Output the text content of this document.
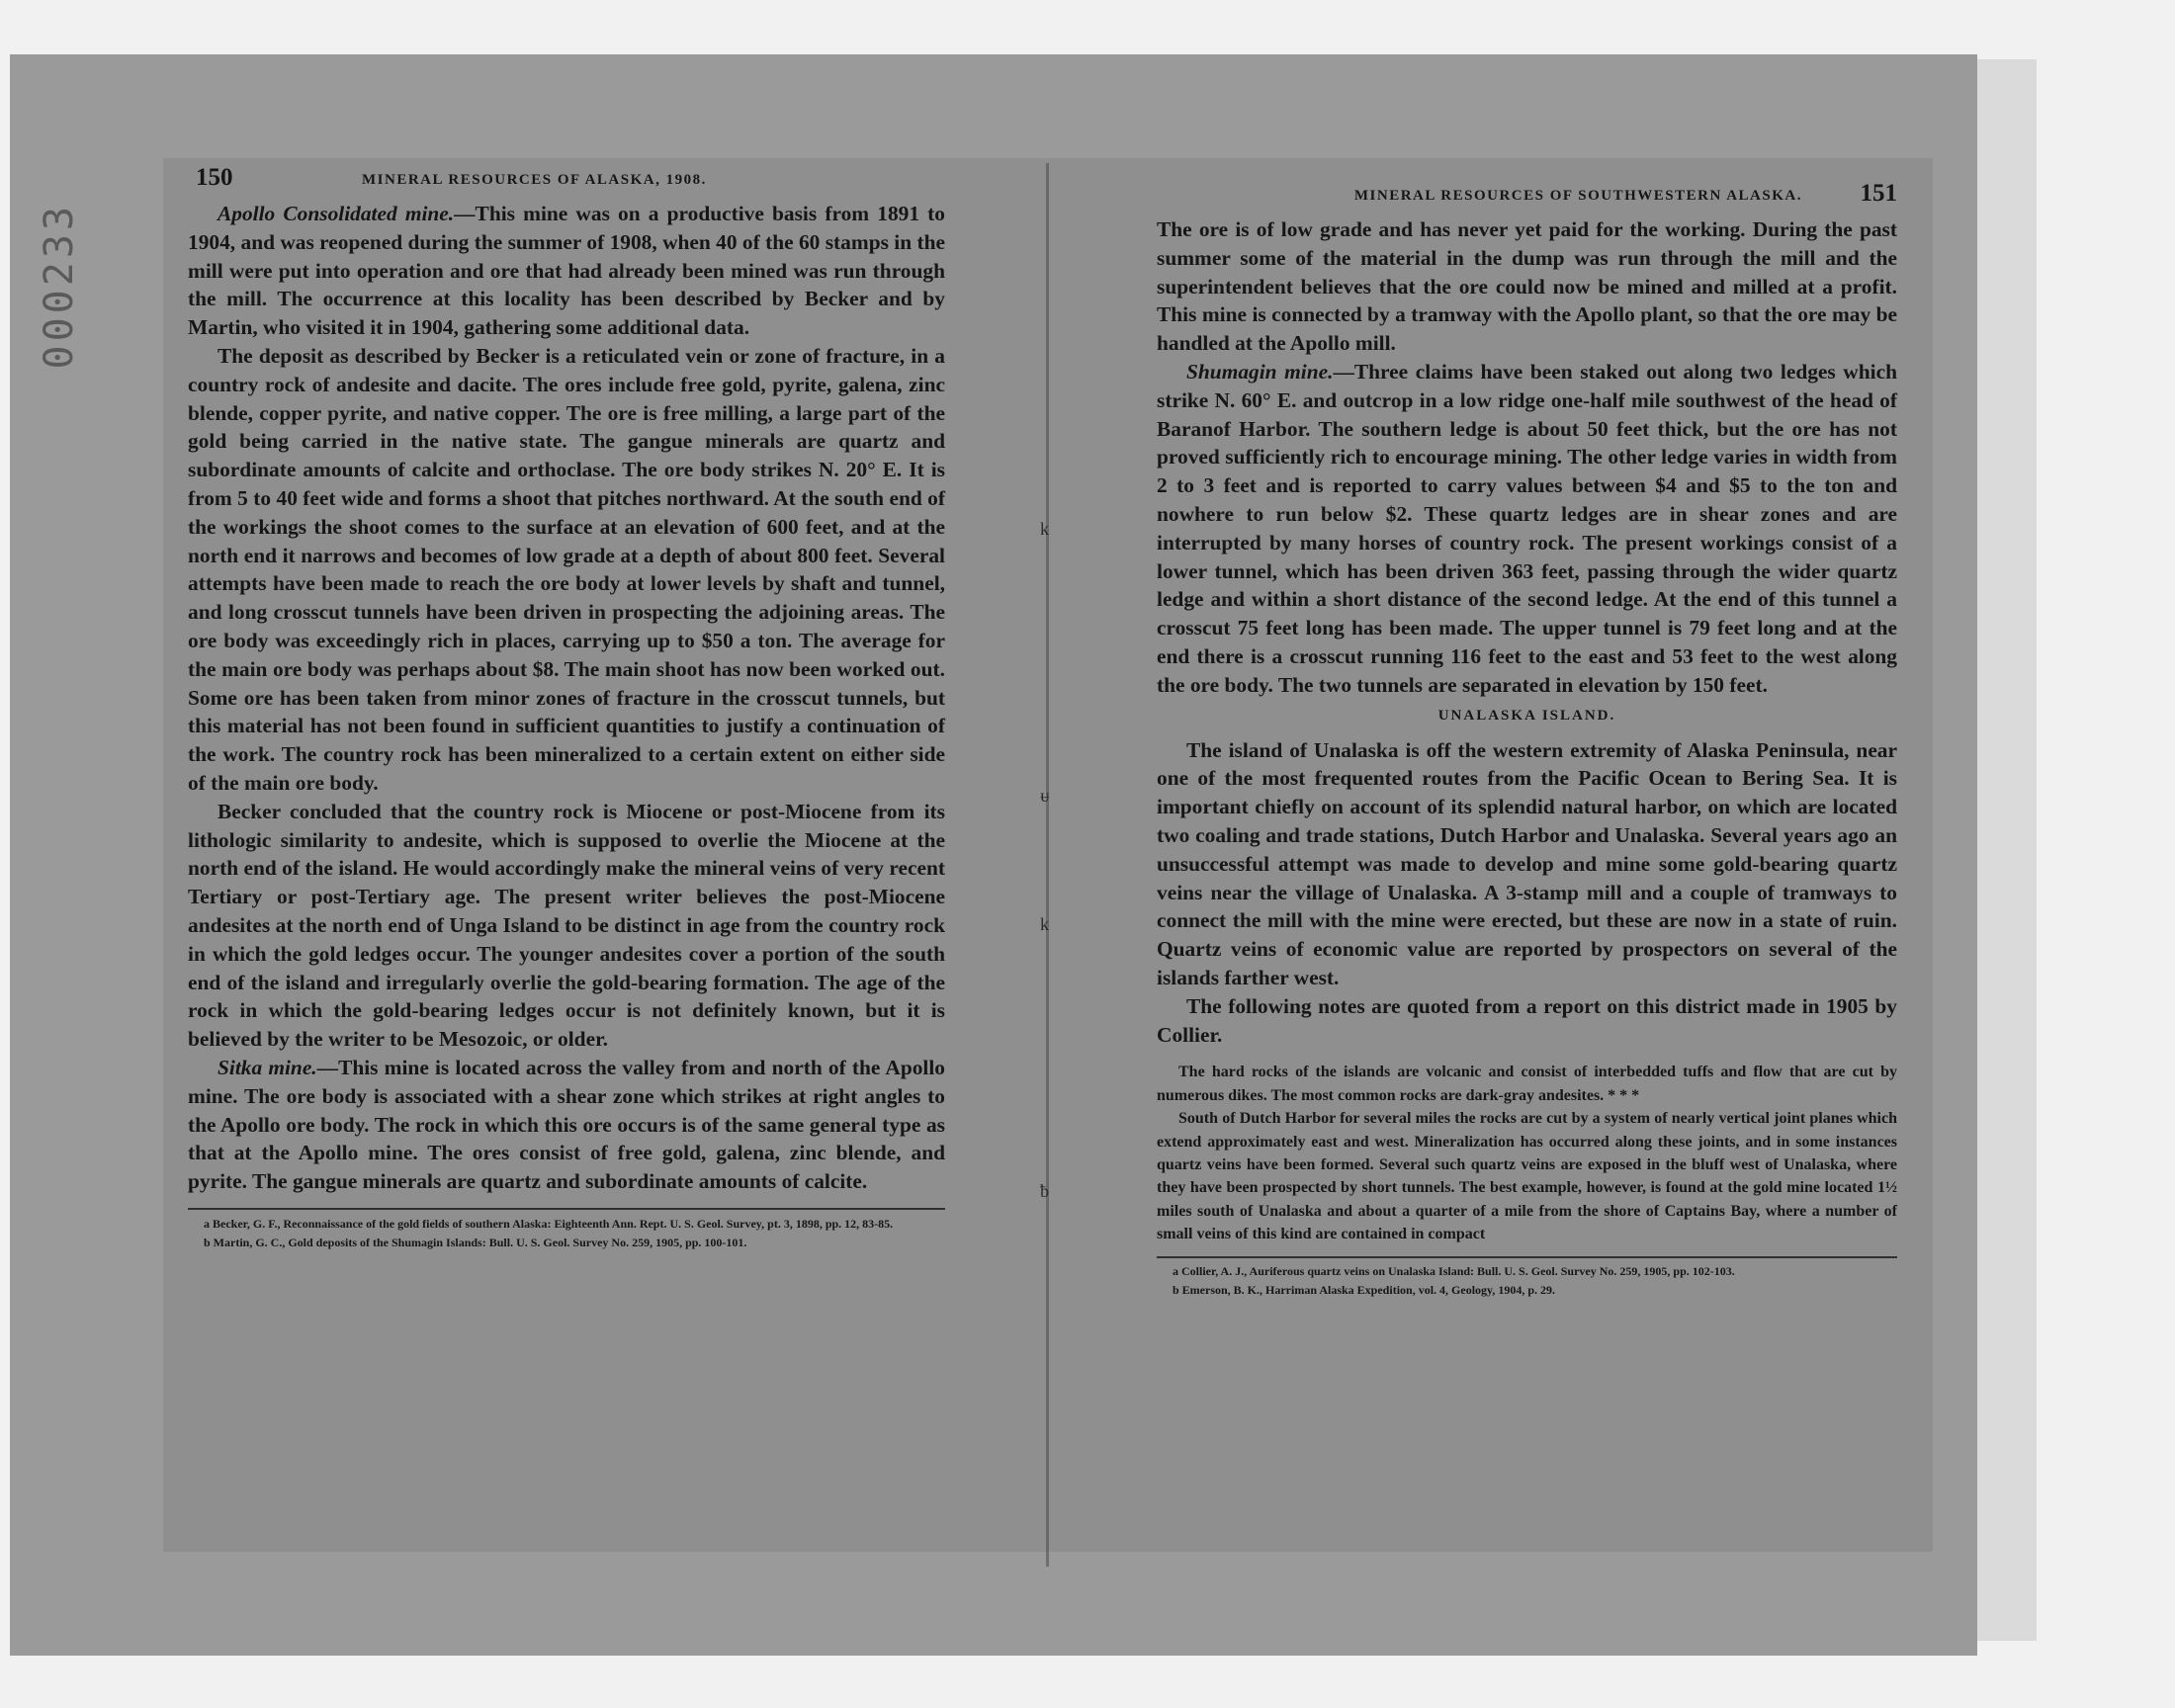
000233
k
ᵾ
k
ƀ
150	MINERAL RESOURCES OF ALASKA, 1908.

Apollo Consolidated mine.—This mine was on a productive basis from 1891 to 1904, and was reopened during the summer of 1908, when 40 of the 60 stamps in the mill were put into operation and ore that had already been mined was run through the mill. The occurrence at this locality has been described by Becker and by Martin, who visited it in 1904, gathering some additional data.

The deposit as described by Becker is a reticulated vein or zone of fracture, in a country rock of andesite and dacite. The ores include free gold, pyrite, galena, zinc blende, copper pyrite, and native copper. The ore is free milling, a large part of the gold being carried in the native state. The gangue minerals are quartz and subordinate amounts of calcite and orthoclase. The ore body strikes N. 20° E. It is from 5 to 40 feet wide and forms a shoot that pitches northward. At the south end of the workings the shoot comes to the surface at an elevation of 600 feet, and at the north end it narrows and becomes of low grade at a depth of about 800 feet. Several attempts have been made to reach the ore body at lower levels by shaft and tunnel, and long crosscut tunnels have been driven in prospecting the adjoining areas. The ore body was exceedingly rich in places, carrying up to $50 a ton. The average for the main ore body was perhaps about $8. The main shoot has now been worked out. Some ore has been taken from minor zones of fracture in the crosscut tunnels, but this material has not been found in sufficient quantities to justify a continuation of the work. The country rock has been mineralized to a certain extent on either side of the main ore body.

Becker concluded that the country rock is Miocene or post-Miocene from its lithologic similarity to andesite, which is supposed to overlie the Miocene at the north end of the island. He would accordingly make the mineral veins of very recent Tertiary or post-Tertiary age. The present writer believes the post-Miocene andesites at the north end of Unga Island to be distinct in age from the country rock in which the gold ledges occur. The younger andesites cover a portion of the south end of the island and irregularly overlie the gold-bearing formation. The age of the rock in which the gold-bearing ledges occur is not definitely known, but it is believed by the writer to be Mesozoic, or older.

Sitka mine.—This mine is located across the valley from and north of the Apollo mine. The ore body is associated with a shear zone which strikes at right angles to the Apollo ore body. The rock in which this ore occurs is of the same general type as that at the Apollo mine. The ores consist of free gold, galena, zinc blende, and pyrite. The gangue minerals are quartz and subordinate amounts of calcite.

a Becker, G. F., Reconnaissance of the gold fields of southern Alaska: Eighteenth Ann. Rept. U. S. Geol. Survey, pt. 3, 1898, pp. 12, 83-85.

b Martin, G. C., Gold deposits of the Shumagin Islands: Bull. U. S. Geol. Survey No. 259, 1905, pp. 100-101.

MINERAL RESOURCES OF SOUTHWESTERN ALASKA. 151

The ore is of low grade and has never yet paid for the working. During the past summer some of the material in the dump was run through the mill and the superintendent believes that the ore could now be mined and milled at a profit. This mine is connected by a tramway with the Apollo plant, so that the ore may be handled at the Apollo mill.

Shumagin mine.—Three claims have been staked out along two ledges which strike N. 60° E. and outcrop in a low ridge one-half mile southwest of the head of Baranof Harbor. The southern ledge is about 50 feet thick, but the ore has not proved sufficiently rich to encourage mining. The other ledge varies in width from 2 to 3 feet and is reported to carry values between $4 and $5 to the ton and nowhere to run below $2. These quartz ledges are in shear zones and are interrupted by many horses of country rock. The present workings consist of a lower tunnel, which has been driven 363 feet, passing through the wider quartz ledge and within a short distance of the second ledge. At the end of this tunnel a crosscut 75 feet long has been made. The upper tunnel is 79 feet long and at the end there is a crosscut running 116 feet to the east and 53 feet to the west along the ore body. The two tunnels are separated in elevation by 150 feet.

UNALASKA ISLAND.

The island of Unalaska is off the western extremity of Alaska Peninsula, near one of the most frequented routes from the Pacific Ocean to Bering Sea. It is important chiefly on account of its splendid natural harbor, on which are located two coaling and trade stations, Dutch Harbor and Unalaska. Several years ago an unsuccessful attempt was made to develop and mine some gold-bearing quartz veins near the village of Unalaska. A 3-stamp mill and a couple of tramways to connect the mill with the mine were erected, but these are now in a state of ruin. Quartz veins of economic value are reported by prospectors on several of the islands farther west.

The following notes are quoted from a report on this district made in 1905 by Collier.

The hard rocks of the islands are volcanic and consist of interbedded tuffs and flow that are cut by numerous dikes. The most common rocks are dark-gray andesites. * * *

South of Dutch Harbor for several miles the rocks are cut by a system of nearly vertical joint planes which extend approximately east and west. Mineralization has occurred along these joints, and in some instances quartz veins have been formed. Several such quartz veins are exposed in the bluff west of Unalaska, where they have been prospected by short tunnels. The best example, however, is found at the gold mine located 1½ miles south of Unalaska and about a quarter of a mile from the shore of Captains Bay, where a number of small veins of this kind are contained in compact

a Collier, A. J., Auriferous quartz veins on Unalaska Island: Bull. U. S. Geol. Survey No. 259, 1905, pp. 102-103.

b Emerson, B. K., Harriman Alaska Expedition, vol. 4, Geology, 1904, p. 29.
